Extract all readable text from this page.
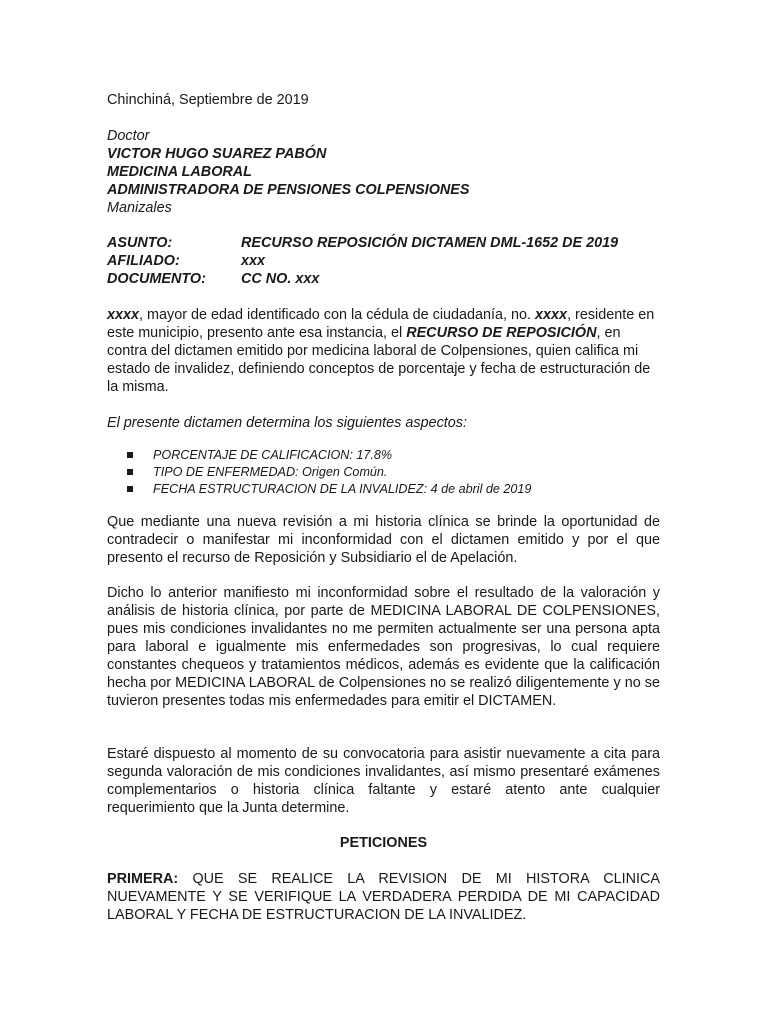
Chinchiná, Septiembre de 2019

Doctor

VICTOR HUGO SUAREZ PABÓN

MEDICINA LABORAL

ADMINISTRADORA DE PENSIONES COLPENSIONES

Manizales

ASUNTO:	RECURSO REPOSICIÓN DICTAMEN DML-1652 DE 2019
AFILIADO:	xxx
DOCUMENTO:	CC NO. xxx

xxxx, mayor de edad identificado con la cédula de ciudadanía, no. xxxx, residente en este municipio, presento ante esa instancia, el RECURSO DE REPOSICIÓN, en contra del dictamen emitido por medicina laboral de Colpensiones, quien califica mi estado de invalidez, definiendo conceptos de porcentaje y fecha de estructuración de la misma.

El presente dictamen determina los siguientes aspectos:

PORCENTAJE DE CALIFICACION: 17.8%
TIPO DE ENFERMEDAD: Origen Común.
FECHA ESTRUCTURACION DE LA INVALIDEZ: 4 de abril de 2019

Que mediante una nueva revisión a mi historia clínica se brinde la oportunidad de contradecir o manifestar mi inconformidad con el dictamen emitido y por el que presento el recurso de Reposición y Subsidiario el de Apelación.

Dicho lo anterior manifiesto mi inconformidad sobre el resultado de la valoración y análisis de historia clínica, por parte de MEDICINA LABORAL DE COLPENSIONES, pues mis condiciones invalidantes no me permiten actualmente ser una persona apta para laboral e igualmente mis enfermedades son progresivas, lo cual requiere constantes chequeos y tratamientos médicos, además es evidente que la calificación hecha por MEDICINA LABORAL de Colpensiones no se realizó diligentemente y no se tuvieron presentes todas mis enfermedades para emitir el DICTAMEN.

Estaré dispuesto al momento de su convocatoria para asistir nuevamente a cita para segunda valoración de mis condiciones invalidantes, así mismo presentaré exámenes complementarios o historia clínica faltante y estaré atento ante cualquier requerimiento que la Junta determine.

PETICIONES

PRIMERA: QUE SE REALICE LA REVISION DE MI HISTORA CLINICA NUEVAMENTE Y SE VERIFIQUE LA VERDADERA PERDIDA DE MI CAPACIDAD LABORAL Y FECHA DE ESTRUCTURACION DE LA INVALIDEZ.
